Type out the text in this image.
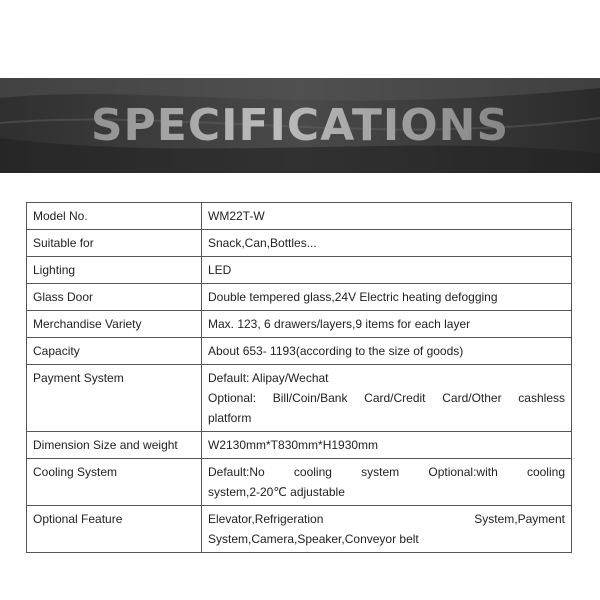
SPECIFICATIONS
Model No.	WM22T-W

Suitable for	Snack,Can,Bottles...

Lighting	LED

Glass Door	Double tempered glass,24V Electric heating defogging

Merchandise Variety	Max. 123, 6 drawers/layers,9 items for each layer

Capacity	About 653- 1193(according to the size of goods)

Payment System	Default: Alipay/Wechat
Optional: Bill/Coin/Bank Card/Credit Card/Other cashless
platform

Dimension Size and weight	W2130mm*T830mm*H1930mm

Cooling System	Default:No cooling system Optional:with cooling
system,2-20℃ adjustable

Optional Feature	Elevator,Refrigeration System,Payment
System,Camera,Speaker,Conveyor belt
